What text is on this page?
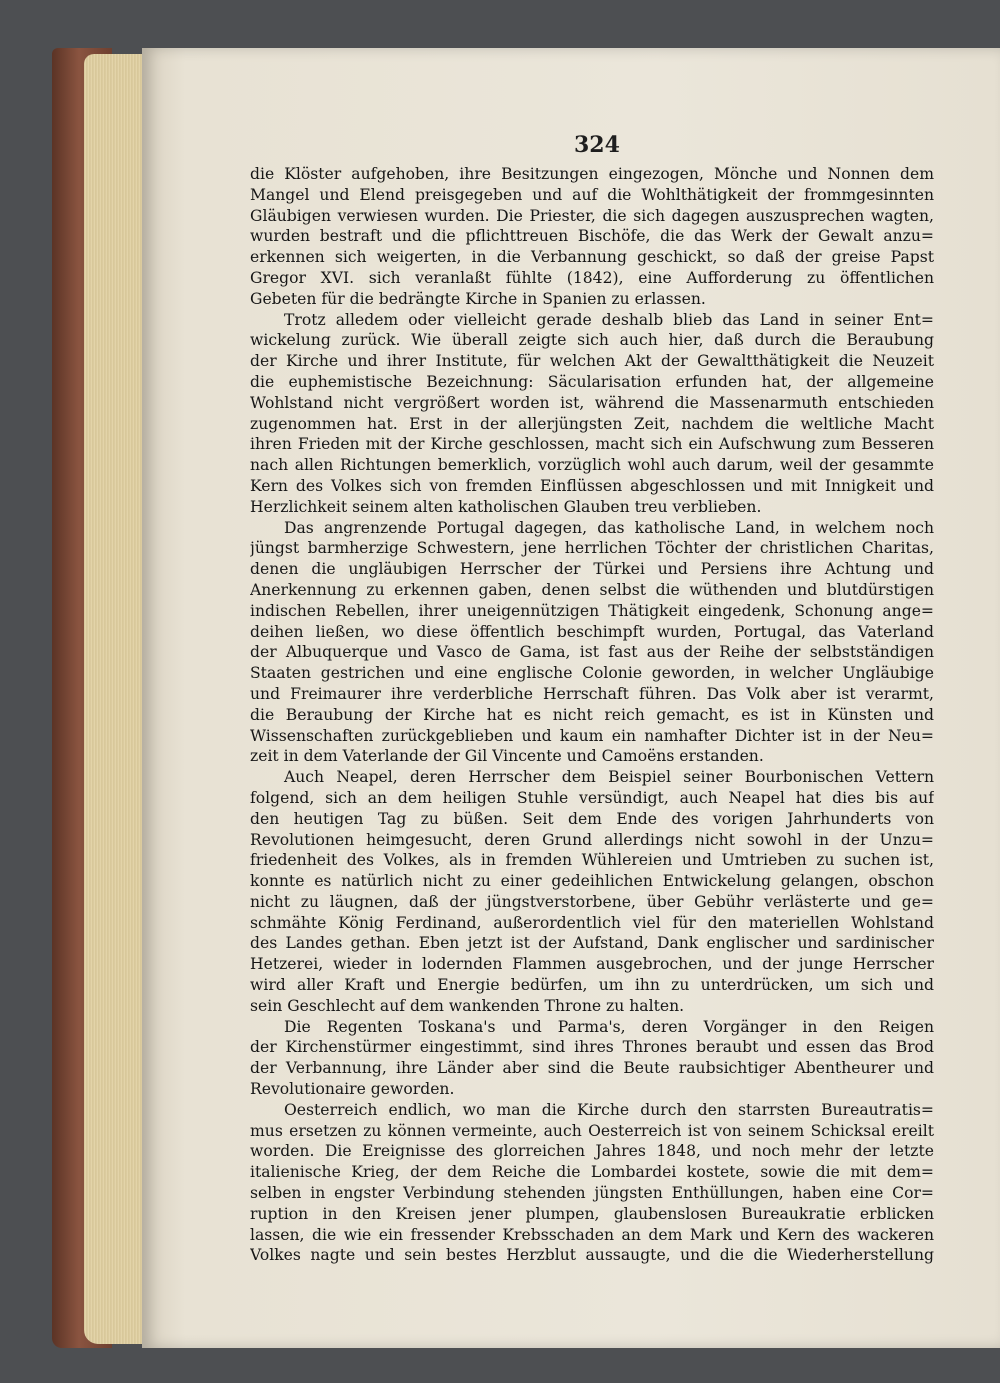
324
die Klöster aufgehoben, ihre Besitzungen eingezogen, Mönche und Nonnen dem
Mangel und Elend preisgegeben und auf die Wohlthätigkeit der frommgesinnten
Gläubigen verwiesen wurden. Die Priester, die sich dagegen auszusprechen wagten,
wurden bestraft und die pflichttreuen Bischöfe, die das Werk der Gewalt anzu=
erkennen sich weigerten, in die Verbannung geschickt, so daß der greise Papst
Gregor XVI. sich veranlaßt fühlte (1842), eine Aufforderung zu öffentlichen
Gebeten für die bedrängte Kirche in Spanien zu erlassen.
Trotz alledem oder vielleicht gerade deshalb blieb das Land in seiner Ent=
wickelung zurück. Wie überall zeigte sich auch hier, daß durch die Beraubung
der Kirche und ihrer Institute, für welchen Akt der Gewaltthätigkeit die Neuzeit
die euphemistische Bezeichnung: Säcularisation erfunden hat, der allgemeine
Wohlstand nicht vergrößert worden ist, während die Massenarmuth entschieden
zugenommen hat. Erst in der allerjüngsten Zeit, nachdem die weltliche Macht
ihren Frieden mit der Kirche geschlossen, macht sich ein Aufschwung zum Besseren
nach allen Richtungen bemerklich, vorzüglich wohl auch darum, weil der gesammte
Kern des Volkes sich von fremden Einflüssen abgeschlossen und mit Innigkeit und
Herzlichkeit seinem alten katholischen Glauben treu verblieben.
Das angrenzende Portugal dagegen, das katholische Land, in welchem noch
jüngst barmherzige Schwestern, jene herrlichen Töchter der christlichen Charitas,
denen die ungläubigen Herrscher der Türkei und Persiens ihre Achtung und
Anerkennung zu erkennen gaben, denen selbst die wüthenden und blutdürstigen
indischen Rebellen, ihrer uneigennützigen Thätigkeit eingedenk, Schonung ange=
deihen ließen, wo diese öffentlich beschimpft wurden, Portugal, das Vaterland
der Albuquerque und Vasco de Gama, ist fast aus der Reihe der selbstständigen
Staaten gestrichen und eine englische Colonie geworden, in welcher Ungläubige
und Freimaurer ihre verderbliche Herrschaft führen. Das Volk aber ist verarmt,
die Beraubung der Kirche hat es nicht reich gemacht, es ist in Künsten und
Wissenschaften zurückgeblieben und kaum ein namhafter Dichter ist in der Neu=
zeit in dem Vaterlande der Gil Vincente und Camoëns erstanden.
Auch Neapel, deren Herrscher dem Beispiel seiner Bourbonischen Vettern
folgend, sich an dem heiligen Stuhle versündigt, auch Neapel hat dies bis auf
den heutigen Tag zu büßen. Seit dem Ende des vorigen Jahrhunderts von
Revolutionen heimgesucht, deren Grund allerdings nicht sowohl in der Unzu=
friedenheit des Volkes, als in fremden Wühlereien und Umtrieben zu suchen ist,
konnte es natürlich nicht zu einer gedeihlichen Entwickelung gelangen, obschon
nicht zu läugnen, daß der jüngstverstorbene, über Gebühr verlästerte und ge=
schmähte König Ferdinand, außerordentlich viel für den materiellen Wohlstand
des Landes gethan. Eben jetzt ist der Aufstand, Dank englischer und sardinischer
Hetzerei, wieder in lodernden Flammen ausgebrochen, und der junge Herrscher
wird aller Kraft und Energie bedürfen, um ihn zu unterdrücken, um sich und
sein Geschlecht auf dem wankenden Throne zu halten.
Die Regenten Toskana's und Parma's, deren Vorgänger in den Reigen
der Kirchenstürmer eingestimmt, sind ihres Thrones beraubt und essen das Brod
der Verbannung, ihre Länder aber sind die Beute raubsichtiger Abentheurer und
Revolutionaire geworden.
Oesterreich endlich, wo man die Kirche durch den starrsten Bureautratis=
mus ersetzen zu können vermeinte, auch Oesterreich ist von seinem Schicksal ereilt
worden. Die Ereignisse des glorreichen Jahres 1848, und noch mehr der letzte
italienische Krieg, der dem Reiche die Lombardei kostete, sowie die mit dem=
selben in engster Verbindung stehenden jüngsten Enthüllungen, haben eine Cor=
ruption in den Kreisen jener plumpen, glaubenslosen Bureaukratie erblicken
lassen, die wie ein fressender Krebsschaden an dem Mark und Kern des wackeren
Volkes nagte und sein bestes Herzblut aussaugte, und die die Wiederherstellung
